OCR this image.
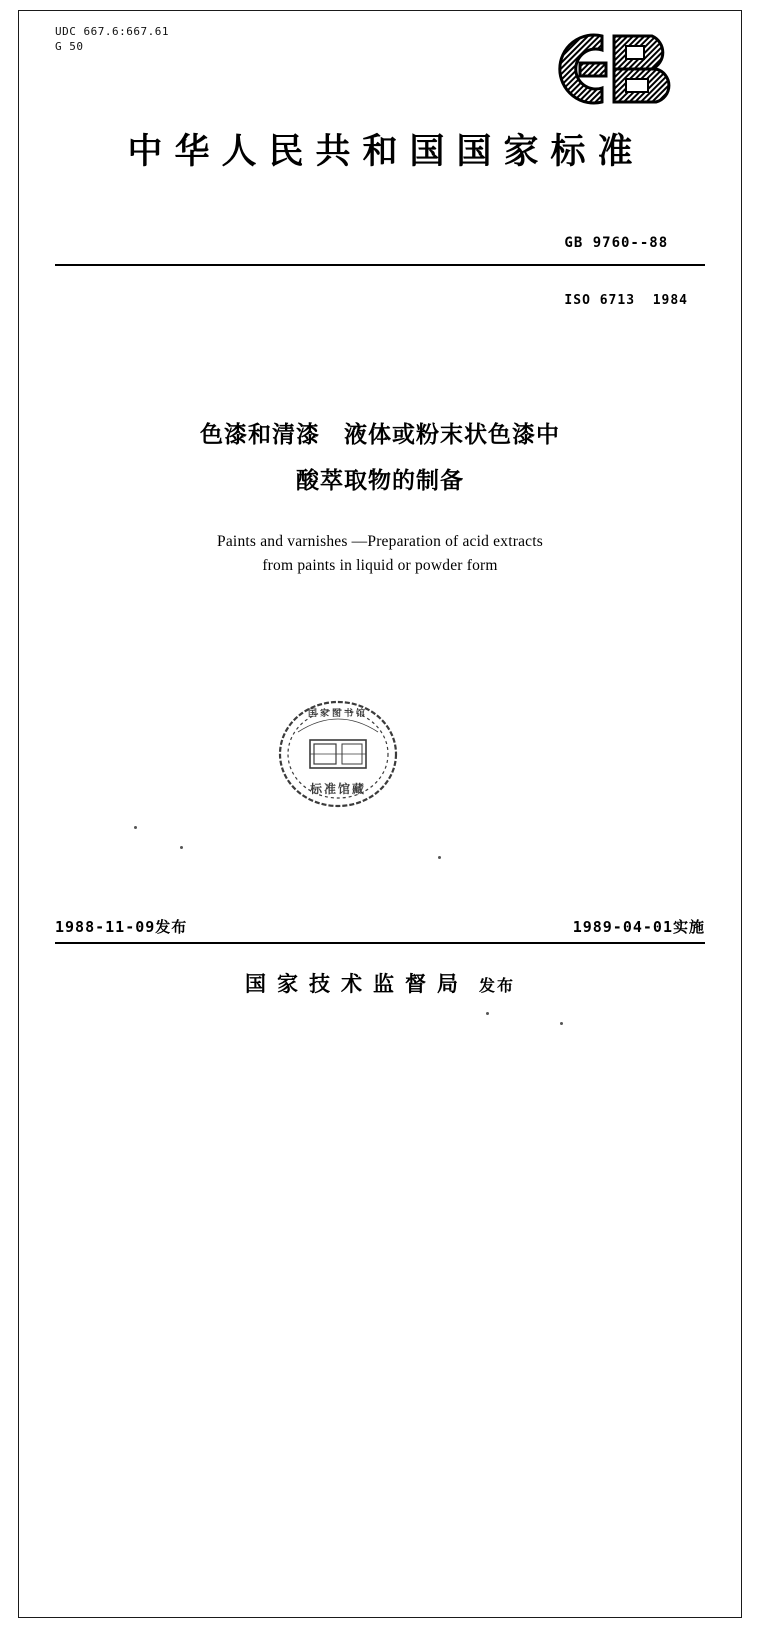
UDC 667.6:667.61
G 50
中华人民共和国国家标准

GB 9760--88

ISO 6713  1984

色漆和清漆　液体或粉末状色漆中
酸萃取物的制备
Paints and varnishes —Preparation of acid extracts
from paints in liquid or powder form
国家图书馆
标准馆藏
1988-11-09发布	1989-04-01实施
国家技术监督局 发布
